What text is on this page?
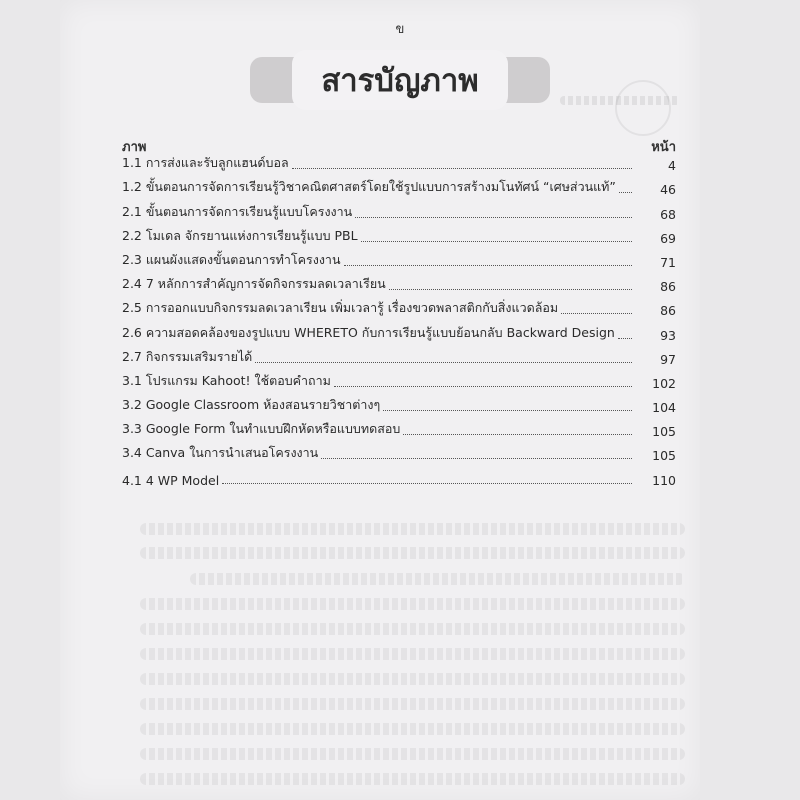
ข
สารบัญภาพ
ภาพ	หน้า
1.1 การส่งและรับลูกแฮนด์บอล	4
1.2 ขั้นตอนการจัดการเรียนรู้วิชาคณิตศาสตร์โดยใช้รูปแบบการสร้างมโนทัศน์ “เศษส่วนแท้”	46
2.1 ขั้นตอนการจัดการเรียนรู้แบบโครงงาน	68
2.2 โมเดล จักรยานแห่งการเรียนรู้แบบ PBL	69
2.3 แผนผังแสดงขั้นตอนการทำโครงงาน	71
2.4 7 หลักการสำคัญการจัดกิจกรรมลดเวลาเรียน	86
2.5 การออกแบบกิจกรรมลดเวลาเรียน เพิ่มเวลารู้ เรื่องขวดพลาสติกกับสิ่งแวดล้อม	86
2.6 ความสอดคล้องของรูปแบบ WHERETO กับการเรียนรู้แบบย้อนกลับ Backward Design	93
2.7 กิจกรรมเสริมรายได้	97
3.1 โปรแกรม Kahoot! ใช้ตอบคำถาม	102
3.2 Google Classroom ห้องสอนรายวิชาต่างๆ	104
3.3 Google Form ในทำแบบฝึกหัดหรือแบบทดสอบ	105
3.4 Canva ในการนำเสนอโครงงาน	105
4.1 4 WP Model	110
